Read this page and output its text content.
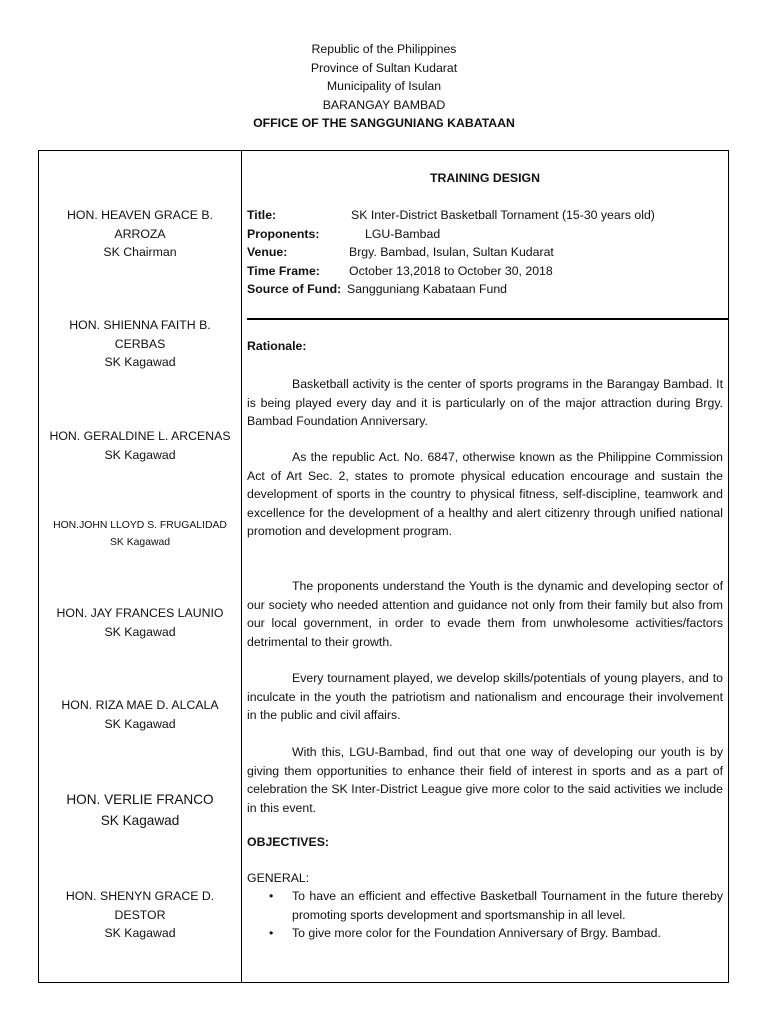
Republic of the Philippines
Province of Sultan Kudarat
Municipality of Isulan
BARANGAY BAMBAD
OFFICE OF THE SANGGUNIANG KABATAAN
HON. HEAVEN GRACE B.
ARROZA
SK Chairman
HON. SHIENNA FAITH B.
CERBAS
SK Kagawad
HON. GERALDINE L. ARCENAS
SK Kagawad
HON.JOHN LLOYD S. FRUGALIDAD
SK Kagawad
HON. JAY FRANCES LAUNIO
SK Kagawad
HON. RIZA MAE D. ALCALA
SK Kagawad
HON. VERLIE FRANCO
SK Kagawad
HON. SHENYN GRACE D.
DESTOR
SK Kagawad
TRAINING DESIGN
Title:	SK Inter-District Basketball Tornament (15-30 years old)
Proponents:	LGU-Bambad
Venue:	Brgy. Bambad, Isulan, Sultan Kudarat
Time Frame: October 13,2018 to October 30, 2018
Source of Fund: Sangguniang Kabataan Fund
Rationale:
Basketball activity is the center of sports programs in the Barangay Bambad. It is being played every day and it is particularly on of the major attraction during Brgy. Bambad Foundation Anniversary.
As the republic Act. No. 6847, otherwise known as the Philippine Commission Act of Art Sec. 2, states to promote physical education encourage and sustain the development of sports in the country to physical fitness, self-discipline, teamwork and excellence for the development of a healthy and alert citizenry through unified national promotion and development program.
The proponents understand the Youth is the dynamic and developing sector of our society who needed attention and guidance not only from their family but also from our local government, in order to evade them from unwholesome activities/factors detrimental to their growth.
Every tournament played, we develop skills/potentials of young players, and to inculcate in the youth the patriotism and nationalism and encourage their involvement in the public and civil affairs.
With this, LGU-Bambad, find out that one way of developing our youth is by giving them opportunities to enhance their field of interest in sports and as a part of celebration the SK Inter-District League give more color to the said activities we include in this event.
OBJECTIVES:
GENERAL:
• To have an efficient and effective Basketball Tournament in the future thereby promoting sports development and sportsmanship in all level.
• To give more color for the Foundation Anniversary of Brgy. Bambad.
